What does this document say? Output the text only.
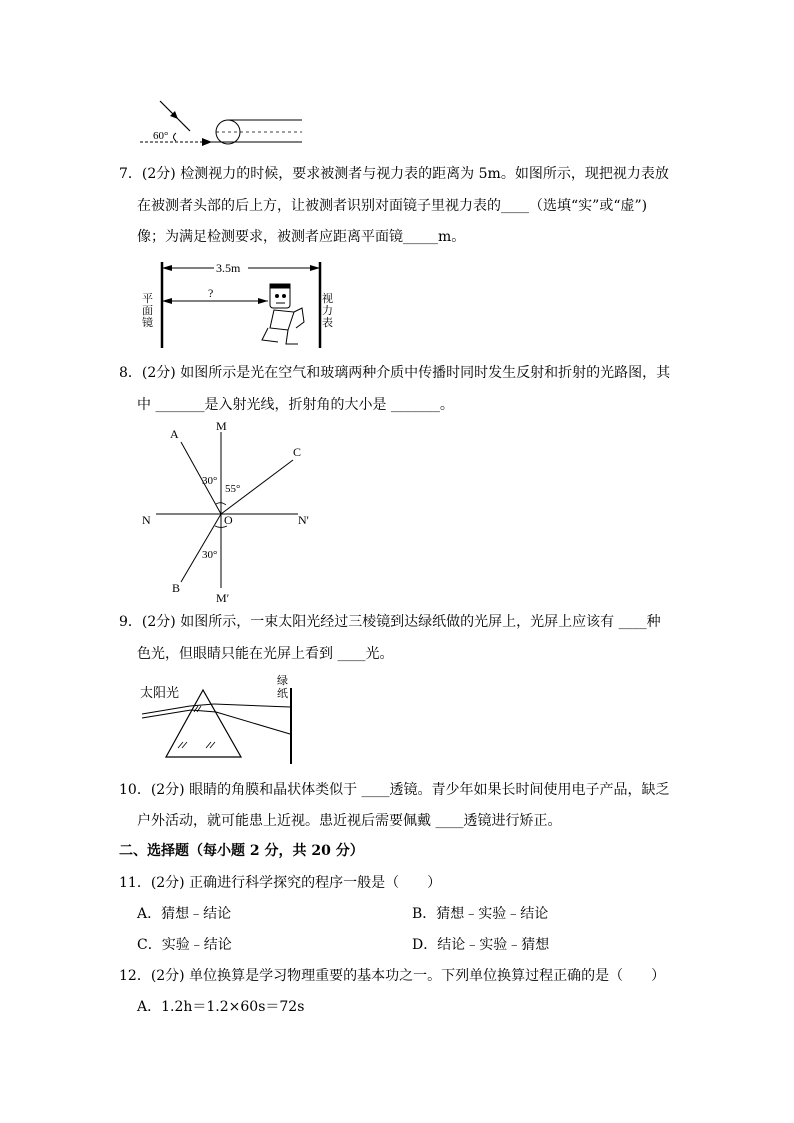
60°
7．(2分) 检测视力的时候，要求被测者与视力表的距离为 5m。如图所示，现把视力表放
在被测者头部的后上方，让被测者识别对面镜子里视力表的____（选填“实”或“虚”)
像；为满足检测要求，被测者应距离平面镜_____m。
3.5m
?
平
面
镜
视
力
表
8．(2分) 如图所示是光在空气和玻璃两种介质中传播时同时发生反射和折射的光路图，其
中 _______是入射光线，折射角的大小是 _______。
A
M
C
N	O	N'
B
M′
30°
55°
30°
9．(2分) 如图所示，一束太阳光经过三棱镜到达绿纸做的光屏上，光屏上应该有 ____种
色光，但眼睛只能在光屏上看到 ____光。
太阳光
绿
纸
10．(2分) 眼睛的角膜和晶状体类似于 ____透镜。青少年如果长时间使用电子产品，缺乏
户外活动，就可能患上近视。患近视后需要佩戴 ____透镜进行矫正。
二、选择题（每小题 2 分，共 20 分）
11．(2分) 正确进行科学探究的程序一般是（　　）
A．猜想﹣结论	B．猜想﹣实验﹣结论
C．实验﹣结论	D．结论﹣实验﹣猜想
12．(2分) 单位换算是学习物理重要的基本功之一。下列单位换算过程正确的是（　　）
A．1.2h＝1.2×60s＝72s
